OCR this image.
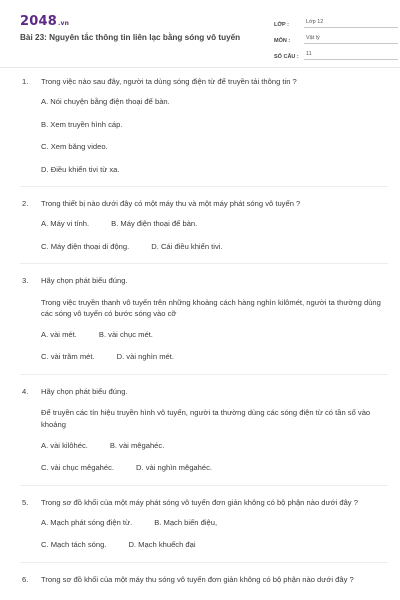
2048.vn
Bài 23: Nguyên tắc thông tin liên lạc bằng sóng vô tuyến
LỚP :	Lớp 12
MÔN :	Vật lý
SỐ CÂU :	11
1. Trong việc nào sau đây, người ta dùng sóng điện từ để truyền tải thông tin ?
A. Nói chuyện bằng điện thoại để bàn.
B. Xem truyền hình cáp.
C. Xem băng video.
D. Điều khiển tivi từ xa.
2. Trong thiết bị nào dưới đây có một máy thu và một máy phát sóng vô tuyến ?
A. Máy vi tính.	B. Máy điện thoại để bàn.
C. Máy điện thoại di động.	D. Cái điều khiển tivi.
3. Hãy chọn phát biểu đúng.
Trong việc truyền thanh vô tuyến trên những khoảng cách hàng nghìn kilômét, người ta thường dùng các sóng vô tuyến có bước sóng vào cỡ
A. vài mét.	B. vài chục mét.
C. vài trăm mét.	D. vài nghìn mét.
4. Hãy chọn phát biểu đúng.
Để truyền các tín hiệu truyền hình vô tuyến, người ta thường dùng các sóng điện từ có tần số vào khoảng
A. vài kilôhéc.	B. vài mêgahéc.
C. vài chục mêgahéc.	D. vài nghìn mêgahéc.
5. Trong sơ đồ khối của một máy phát sóng vô tuyến đơn giản không có bộ phận nào dưới đây ?
A. Mạch phát sóng điện từ.	B. Mạch biến điệu,
C. Mạch tách sóng.	D. Mạch khuếch đại
6. Trong sơ đồ khối của một máy thu sóng vô tuyến đơn giản không có bộ phận nào dưới đây ?
